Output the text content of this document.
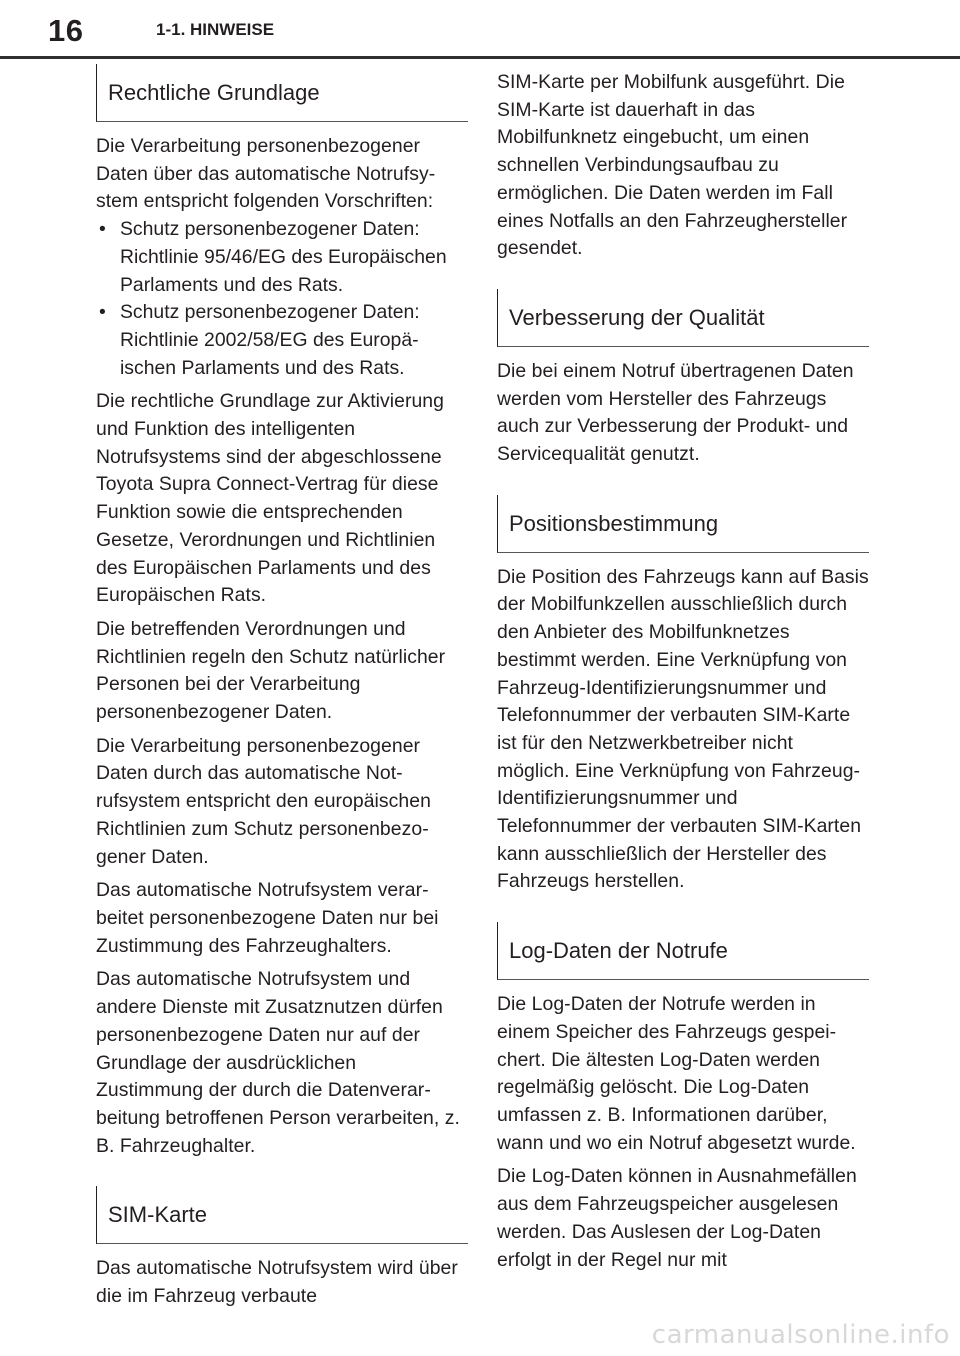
16	1-1. HINWEISE
Rechtliche Grundlage

Die Verarbeitung personenbezogener Daten über das automatische Notrufsystem entspricht folgenden Vorschriften:

• Schutz personenbezogener Daten: Richtlinie 95/46/EG des Europäischen Parlaments und des Rats.
• Schutz personenbezogener Daten: Richtlinie 2002/58/EG des Europäischen Parlaments und des Rats.

Die rechtliche Grundlage zur Aktivierung und Funktion des intelligenten Notrufsystems sind der abgeschlossene Toyota Supra Connect-Vertrag für diese Funktion sowie die entsprechenden Gesetze, Verordnungen und Richtlinien des Europäischen Parlaments und des Europäischen Rats.

Die betreffenden Verordnungen und Richtlinien regeln den Schutz natürlicher Personen bei der Verarbeitung personenbezogener Daten.

Die Verarbeitung personenbezogener Daten durch das automatische Notrufsystem entspricht den europäischen Richtlinien zum Schutz personenbezogener Daten.

Das automatische Notrufsystem verarbeitet personenbezogene Daten nur bei Zustimmung des Fahrzeughalters.

Das automatische Notrufsystem und andere Dienste mit Zusatznutzen dürfen personenbezogene Daten nur auf der Grundlage der ausdrücklichen Zustimmung der durch die Datenverarbeitung betroffenen Person verarbeiten, z. B. Fahrzeughalter.

SIM-Karte

Das automatische Notrufsystem wird über die im Fahrzeug verbaute

SIM-Karte per Mobilfunk ausgeführt. Die SIM-Karte ist dauerhaft in das Mobilfunknetz eingebucht, um einen schnellen Verbindungsaufbau zu ermöglichen. Die Daten werden im Fall eines Notfalls an den Fahrzeughersteller gesendet.

Verbesserung der Qualität

Die bei einem Notruf übertragenen Daten werden vom Hersteller des Fahrzeugs auch zur Verbesserung der Produkt- und Servicequalität genutzt.

Positionsbestimmung

Die Position des Fahrzeugs kann auf Basis der Mobilfunkzellen ausschließlich durch den Anbieter des Mobilfunknetzes bestimmt werden. Eine Verknüpfung von Fahrzeug-Identifizierungsnummer und Telefonnummer der verbauten SIM-Karte ist für den Netzwerkbetreiber nicht möglich. Eine Verknüpfung von Fahrzeug-Identifizierungsnummer und Telefonnummer der verbauten SIM-Karten kann ausschließlich der Hersteller des Fahrzeugs herstellen.

Log-Daten der Notrufe

Die Log-Daten der Notrufe werden in einem Speicher des Fahrzeugs gespeichert. Die ältesten Log-Daten werden regelmäßig gelöscht. Die Log-Daten umfassen z. B. Informationen darüber, wann und wo ein Notruf abgesetzt wurde.

Die Log-Daten können in Ausnahmefällen aus dem Fahrzeugspeicher ausgelesen werden. Das Auslesen der Log-Daten erfolgt in der Regel nur mit

carmanualsonline.info
